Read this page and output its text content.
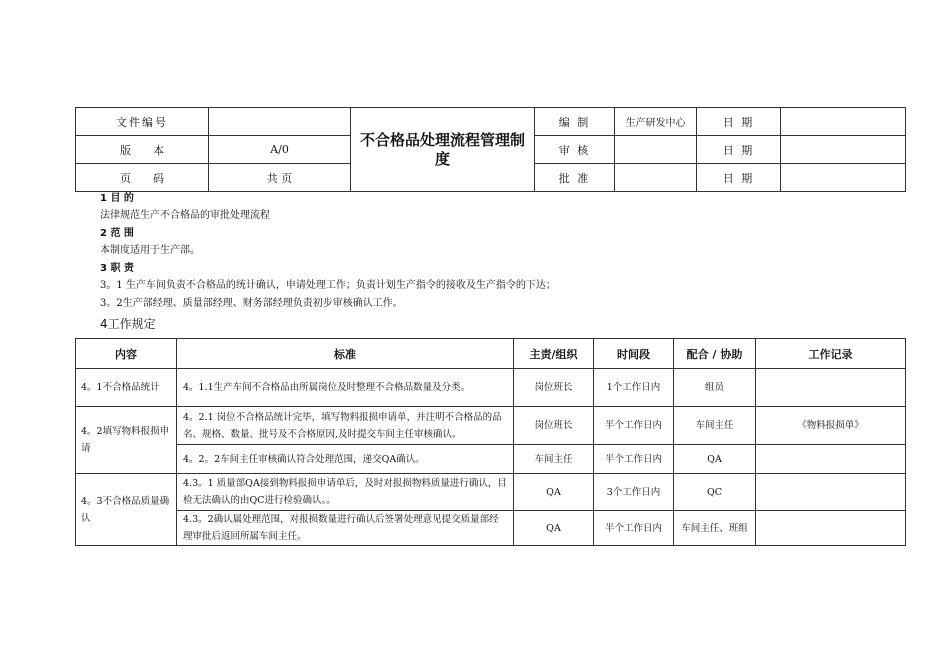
文件编号		不合格品处理流程管理制度	编 制	生产研发中心	日 期	
版　　本	A/0		审 核		日 期	
页　　码	共 页		批 准		日 期	
1 目 的
法律规范生产不合格品的审批处理流程
2 范 围
本制度适用于生产部。
3 职 责
3。1 生产车间负责不合格品的统计确认，申请处理工作；负责计划生产指令的接收及生产指令的下达；
3。2生产部经理、质量部经理、财务部经理负责初步审核确认工作。
4工作规定
内容	标准	主责/组织	时间段	配合 / 协助	工作记录
4。1不合格品统计	4。1.1生产车间不合格品由所属岗位及时整理不合格品数量及分类。	岗位班长	1个工作日内	组员	
4。2填写物料报损申请	4。2.1 岗位不合格品统计完毕，填写物料报损申请单，并注明不合格品的品名、规格、数量、批号及不合格原因,及时提交车间主任审核确认。	岗位班长	半个工作日内	车间主任	《物料报损单》
	4。2。2车间主任审核确认符合处理范围，递交QA确认。	车间主任	半个工作日内	QA	
4。3不合格品质量确认	4.3。1 质量部QA接到物料报损申请单后，及时对报损物料质量进行确认，目检无法确认的由QC进行检验确认。。	QA	3个工作日内	QC	
	4.3。2确认属处理范围，对报损数量进行确认后签署处理意见提交质量部经理审批后返回所属车间主任。	QA	半个工作日内	车间主任、班组	
